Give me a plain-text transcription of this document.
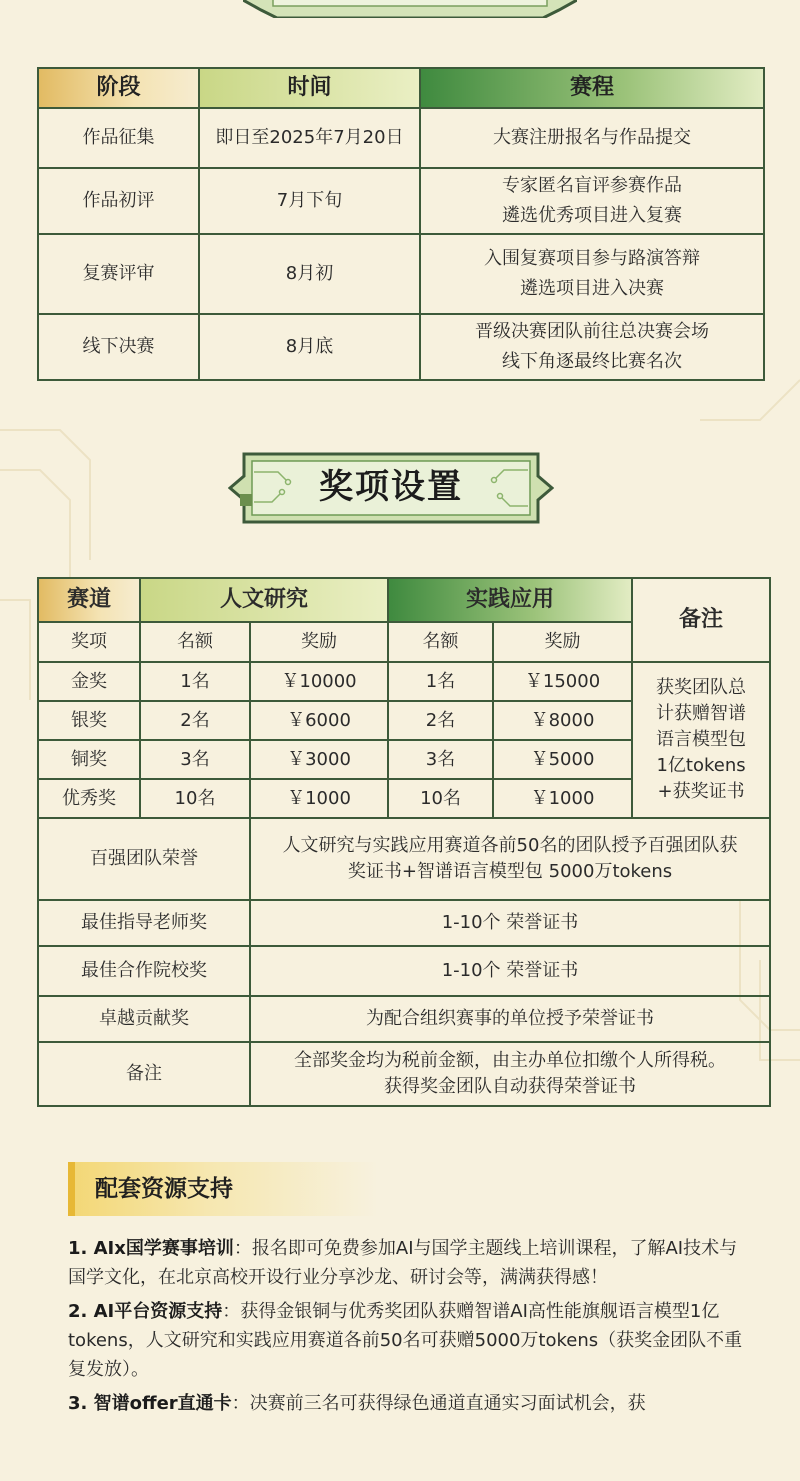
阶段	时间	赛程
作品征集	即日至2025年7月20日	大赛注册报名与作品提交

作品初评	7月下旬	专家匿名盲评参赛作品
遴选优秀项目进入复赛

复赛评审	8月初	入围复赛项目参与路演答辩
遴选项目进入决赛

线下决赛	8月底	晋级决赛团队前往总决赛会场
线下角逐最终比赛名次
奖项设置
赛道	人文研究		实践应用		备注
奖项	名额	奖励	名额	奖励	
金奖	1名	￥10000	1名	￥15000	获奖团队总
计获赠智谱
语言模型包
1亿tokens
+获奖证书

银奖	2名	￥6000	2名	￥8000	
铜奖	3名	￥3000	3名	￥5000	
优秀奖	10名	￥1000	10名	￥1000	
百强团队荣誉		人文研究与实践应用赛道各前50名的团队授予百强团队获
奖证书+智谱语言模型包 5000万tokens			

最佳指导老师奖		1-10个 荣誉证书			
最佳合作院校奖		1-10个 荣誉证书			
卓越贡献奖		为配合组织赛事的单位授予荣誉证书			
备注		全部奖金均为税前金额，由主办单位扣缴个人所得税。
获得奖金团队自动获得荣誉证书			
配套资源支持
1. AIx国学赛事培训：报名即可免费参加AI与国学主题线上培训课程，了解AI技术与国学文化，在北京高校开设行业分享沙龙、研讨会等，满满获得感！
2. AI平台资源支持：获得金银铜与优秀奖团队获赠智谱AI高性能旗舰语言模型1亿tokens，人文研究和实践应用赛道各前50名可获赠5000万tokens（获奖金团队不重复发放）。
3. 智谱offer直通卡：决赛前三名可获得绿色通道直通实习面试机会，获
